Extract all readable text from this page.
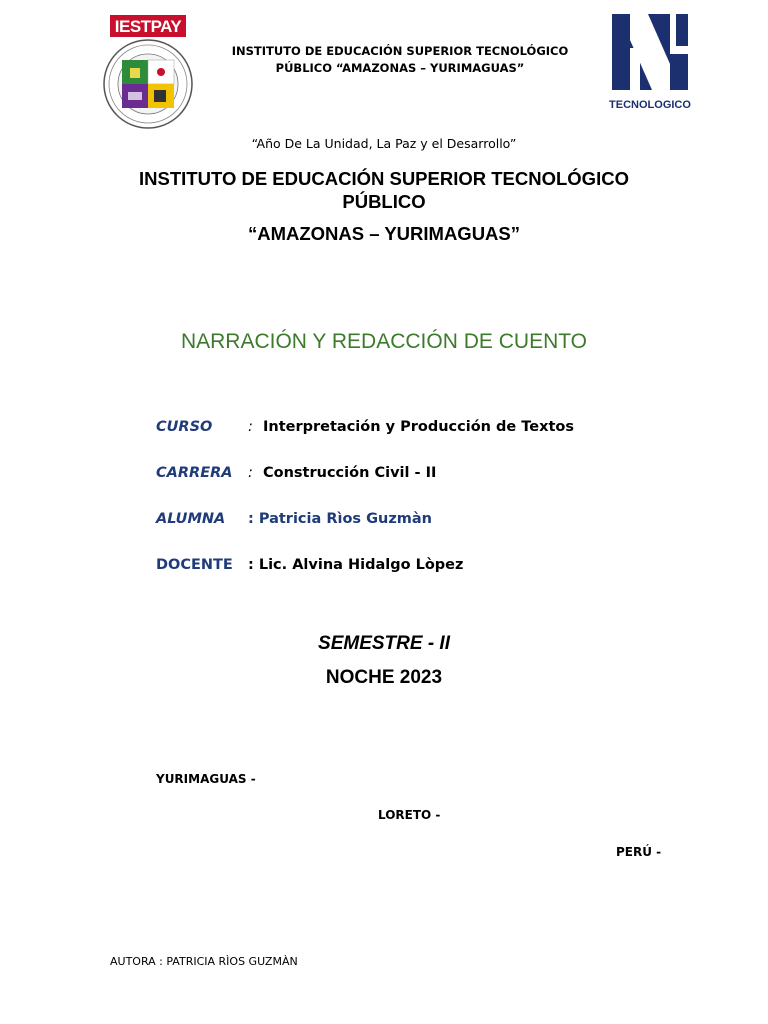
IESTPAY
INSTITUTO DE EDUCACIÓN SUPERIOR TECNOLÓGICO
PÚBLICO “AMAZONAS – YURIMAGUAS”
TECNOLOGICO
“Año De La Unidad, La Paz y el Desarrollo”
INSTITUTO DE EDUCACIÓN SUPERIOR TECNOLÓGICO
PÚBLICO
“AMAZONAS – YURIMAGUAS”
NARRACIÓN Y REDACCIÓN DE CUENTO
CURSO : Interpretación y Producción de Textos
CARRERA : Construcción Civil - II
ALUMNA : Patricia Rìos Guzmàn
DOCENTE : Lic. Alvina Hidalgo Lòpez
SEMESTRE - II
NOCHE 2023
YURIMAGUAS -
LORETO -
PERÚ -
AUTORA : PATRICIA RÌOS GUZMÀN
